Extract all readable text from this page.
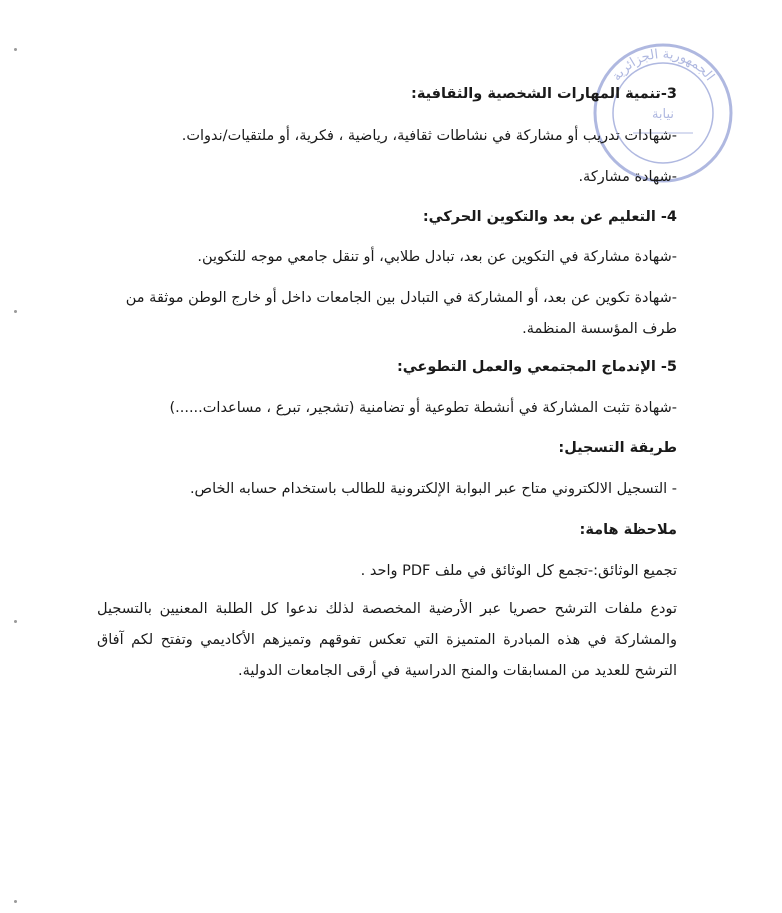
الجمهورية الجزائرية
نيابة
3-تنمية المهارات الشخصية والثقافية:
-شهادات تدريب أو مشاركة في نشاطات ثقافية، رياضية ، فكرية، أو ملتقيات/ندوات.
-شهادة مشاركة.
4- التعليم عن بعد والتكوين الحركي:
-شهادة مشاركة في التكوين عن بعد، تبادل طلابي، أو تنقل جامعي موجه للتكوين.
-شهادة تكوين عن بعد، أو المشاركة في التبادل بين الجامعات داخل أو خارج الوطن موثقة من طرف المؤسسة المنظمة.
5- الإندماج المجتمعي والعمل التطوعي:
-شهادة تثبت المشاركة في أنشطة تطوعية أو تضامنية (تشجير، تبرع ، مساعدات......)
طريقة التسجيل:
- التسجيل الالكتروني متاح عبر البوابة الإلكترونية للطالب باستخدام حسابه الخاص.
ملاحظة هامة:
تجميع الوثائق:-تجمع كل الوثائق في ملف PDF واحد .
تودع ملفات الترشح حصريا عبر الأرضية المخصصة لذلك ندعوا كل الطلبة المعنيين بالتسجيل والمشاركة في هذه المبادرة المتميزة التي تعكس تفوقهم وتميزهم الأكاديمي وتفتح لكم آفاق الترشح للعديد من المسابقات والمنح الدراسية في أرقى الجامعات الدولية.
